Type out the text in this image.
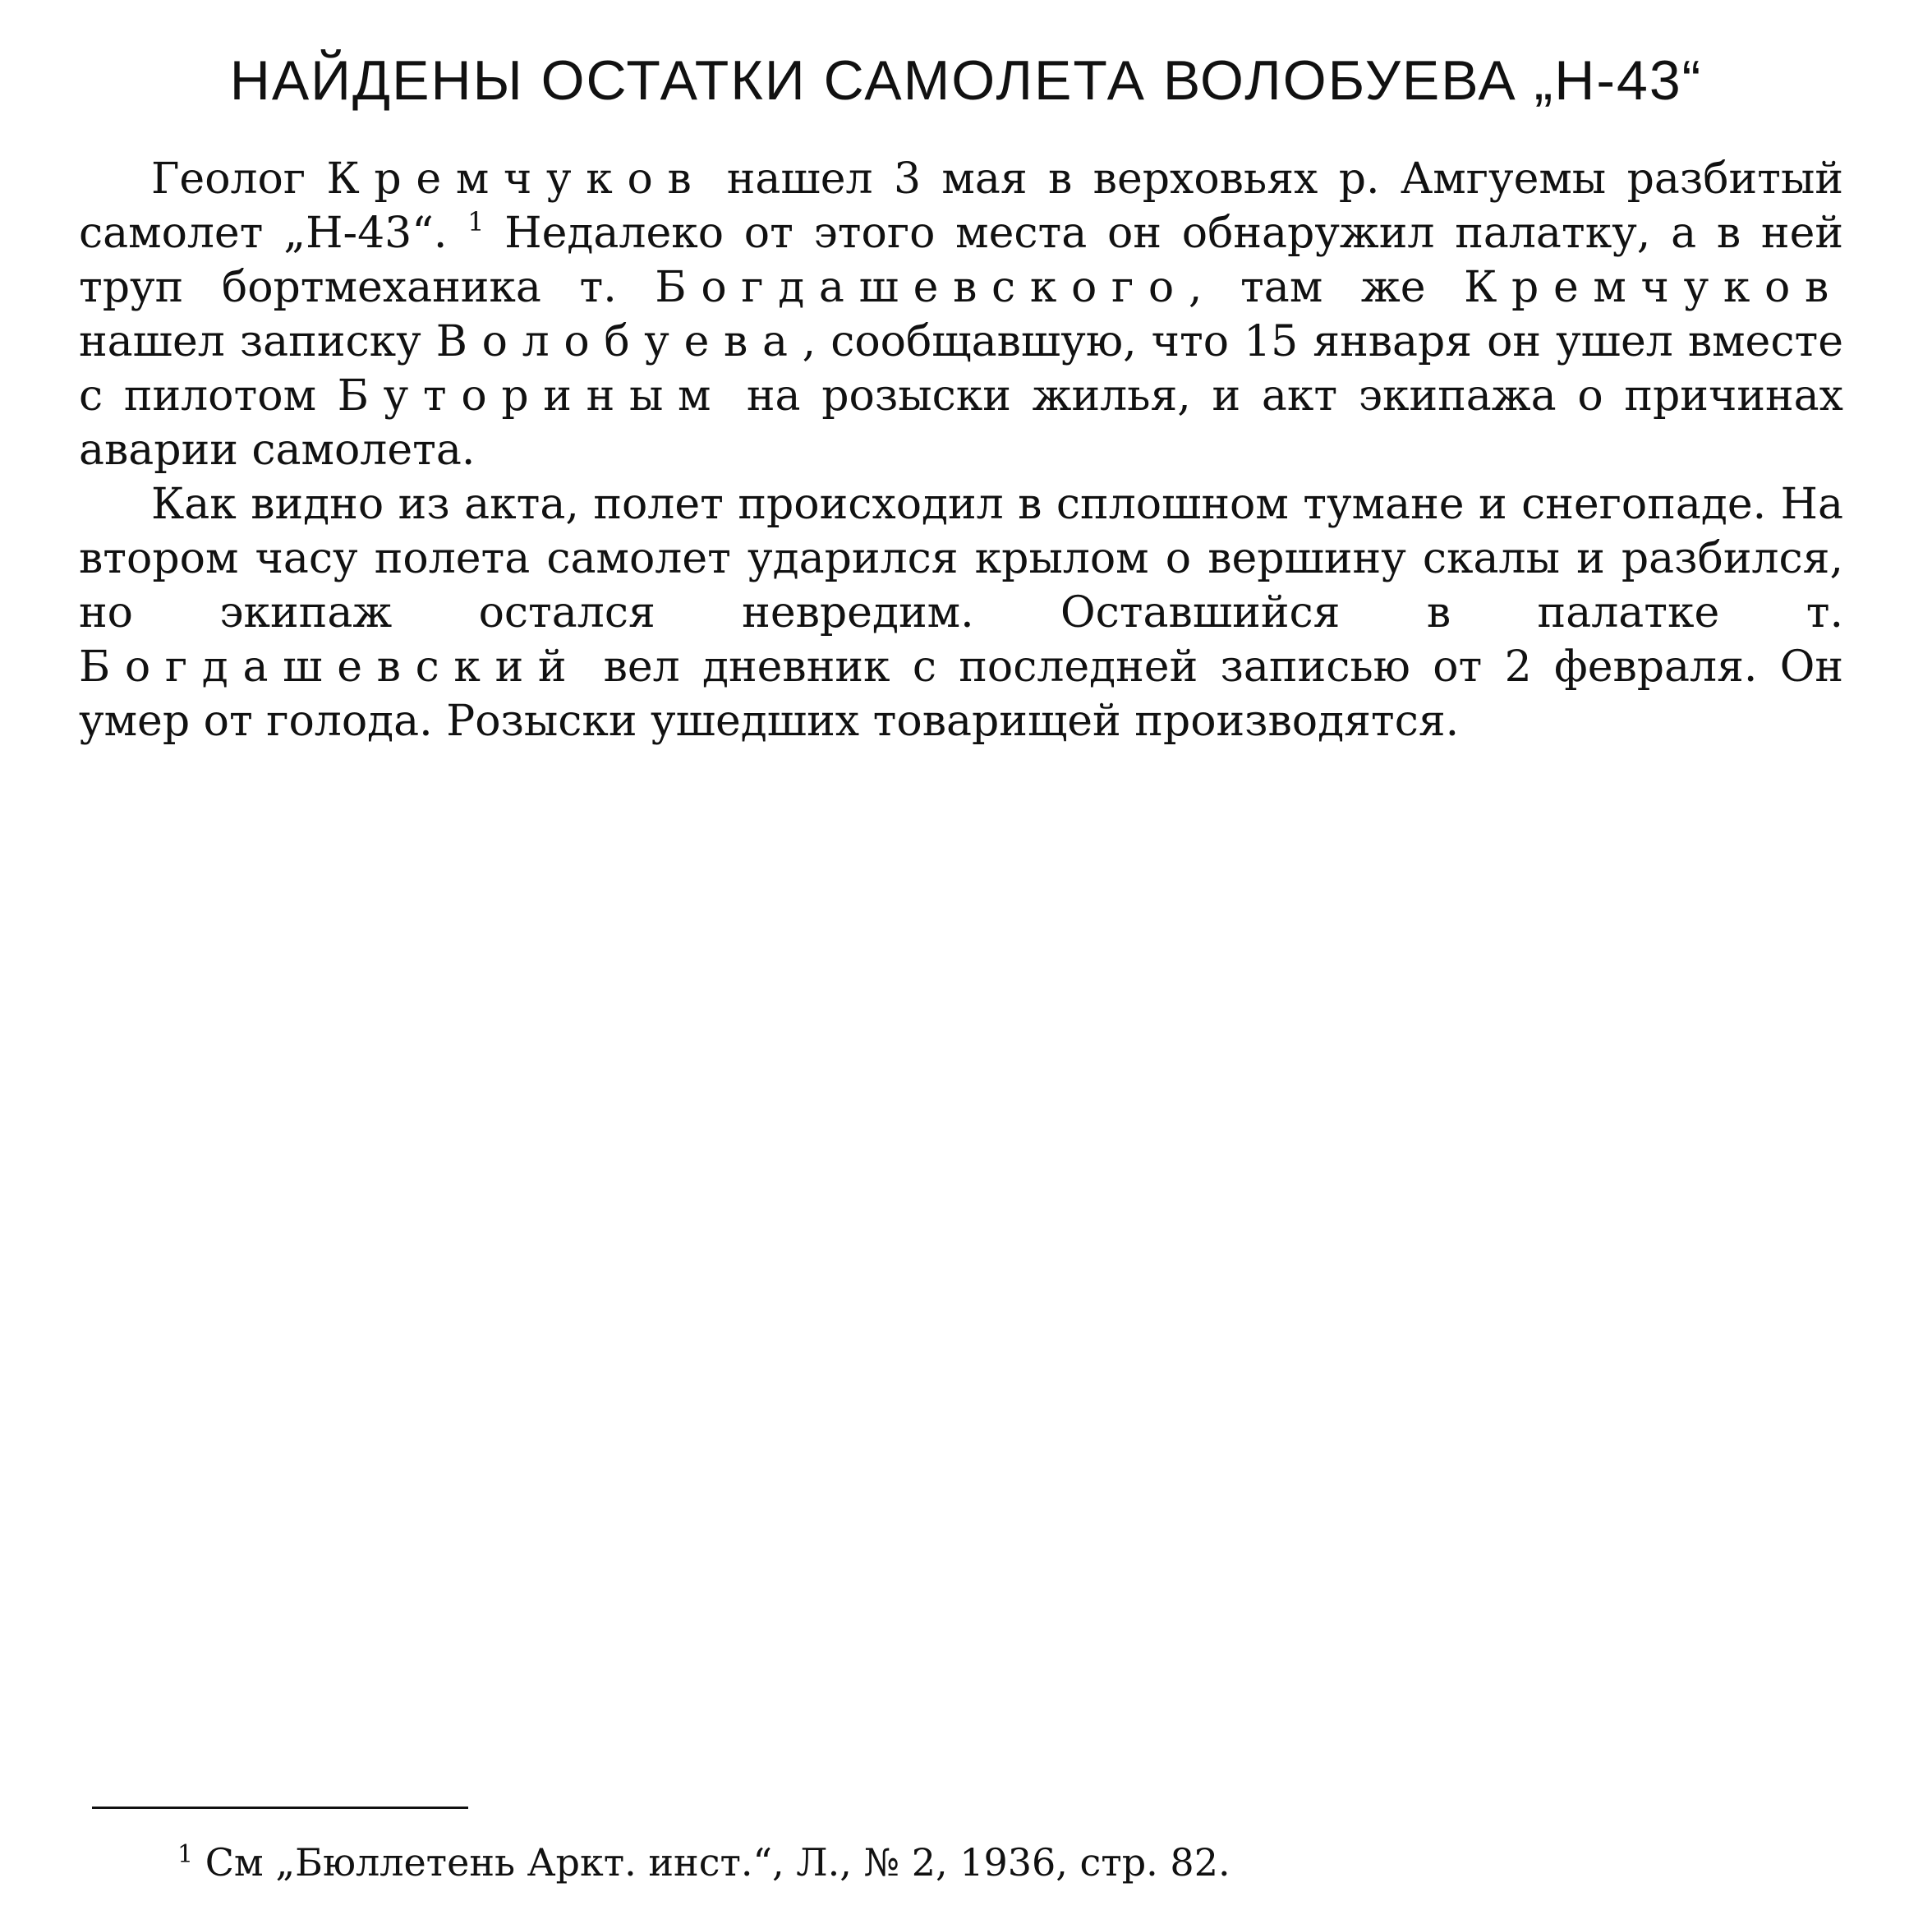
НАЙДЕНЫ ОСТАТКИ САМОЛЕТА ВОЛОБУЕВА „Н-43“

Геолог Кремчуков нашел 3 мая в верховьях р. Амгуемы разбитый самолет „Н-43“. $^1$ Недалеко от этого места он обнаружил палатку, а в ней труп бортмеханика т. Богдашевского, там же Кремчуков нашел записку Волобуева, сообщавшую, что 15 января он ушел вместе с пилотом Буториным на розыски жилья, и акт экипажа о причинах аварии самолета.

Как видно из акта, полет происходил в сплошном тумане и снегопаде. На втором часу полета самолет ударился крылом о вершину скалы и разбился, но экипаж остался невредим. Оставшийся в палатке т. Богдашевский вел дневник с последней записью от 2 февраля. Он умер от голода. Розыски ушедших товарищей производятся.

$^1$ См „Бюллетень Аркт. инст.“, Л., № 2, 1936, стр. 82.
